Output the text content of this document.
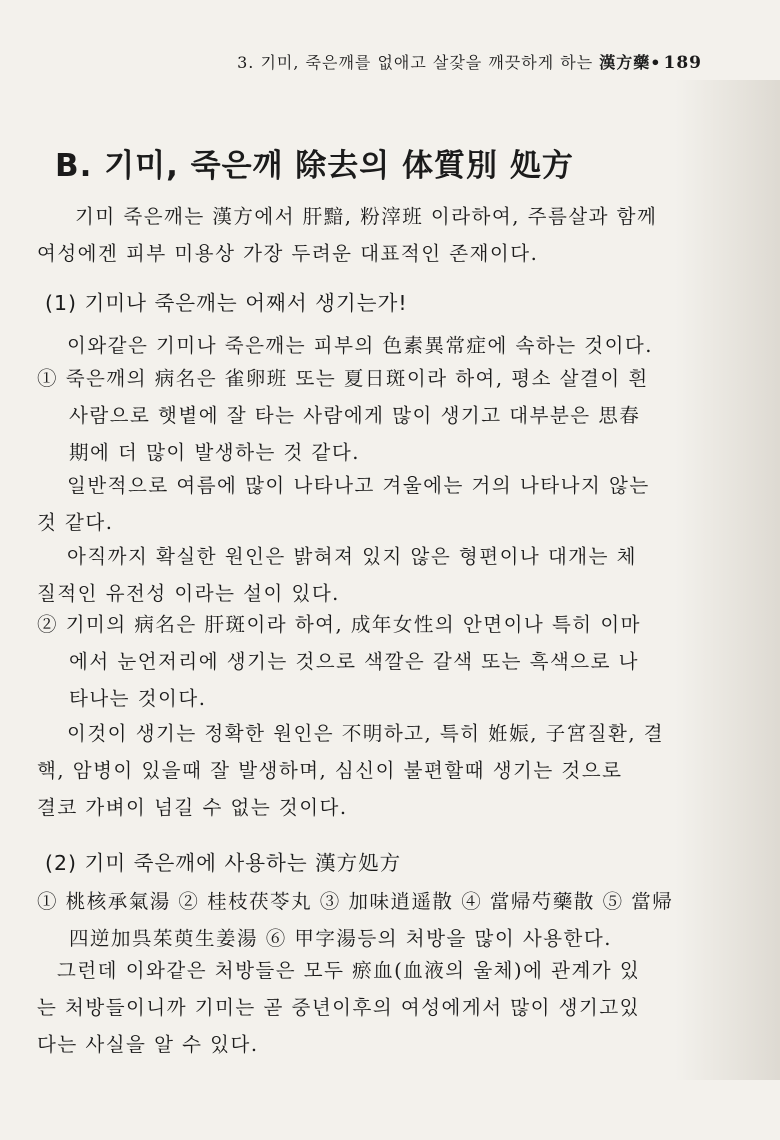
3. 기미, 죽은깨를 없애고 살갗을 깨끗하게 하는 漢方藥• 189
B. 기미, 죽은깨 除去의 体質別 処方
기미 죽은깨는 漢方에서 肝黯, 粉滓班 이라하여, 주름살과 함께
여성에겐 피부 미용상 가장 두려운 대표적인 존재이다.
(1) 기미나 죽은깨는 어째서 생기는가!
이와같은 기미나 죽은깨는 피부의 色素異常症에 속하는 것이다.
① 죽은깨의 病名은 雀卵班 또는 夏日斑이라 하여, 평소 살결이 흰
사람으로 햇볕에 잘 타는 사람에게 많이 생기고 대부분은 思春
期에 더 많이 발생하는 것 같다.
일반적으로 여름에 많이 나타나고 겨울에는 거의 나타나지 않는
것 같다.
아직까지 확실한 원인은 밝혀져 있지 않은 형편이나 대개는 체
질적인 유전성 이라는 설이 있다.
② 기미의 病名은 肝斑이라 하여, 成年女性의 안면이나 특히 이마
에서 눈언저리에 생기는 것으로 색깔은 갈색 또는 흑색으로 나
타나는 것이다.
이것이 생기는 정확한 원인은 不明하고, 특히 姙娠, 子宮질환, 결
핵, 암병이 있을때 잘 발생하며, 심신이 불편할때 생기는 것으로
결코 가벼이 넘길 수 없는 것이다.
(2) 기미 죽은깨에 사용하는 漢方処方
① 桃核承氣湯 ② 桂枝茯苓丸 ③ 加味逍遥散 ④ 當帰芍藥散 ⑤ 當帰
四逆加呉茱萸生姜湯 ⑥ 甲字湯등의 처방을 많이 사용한다.
그런데 이와같은 처방들은 모두 瘀血(血液의 울체)에 관계가 있
는 처방들이니까 기미는 곧 중년이후의 여성에게서 많이 생기고있
다는 사실을 알 수 있다.
